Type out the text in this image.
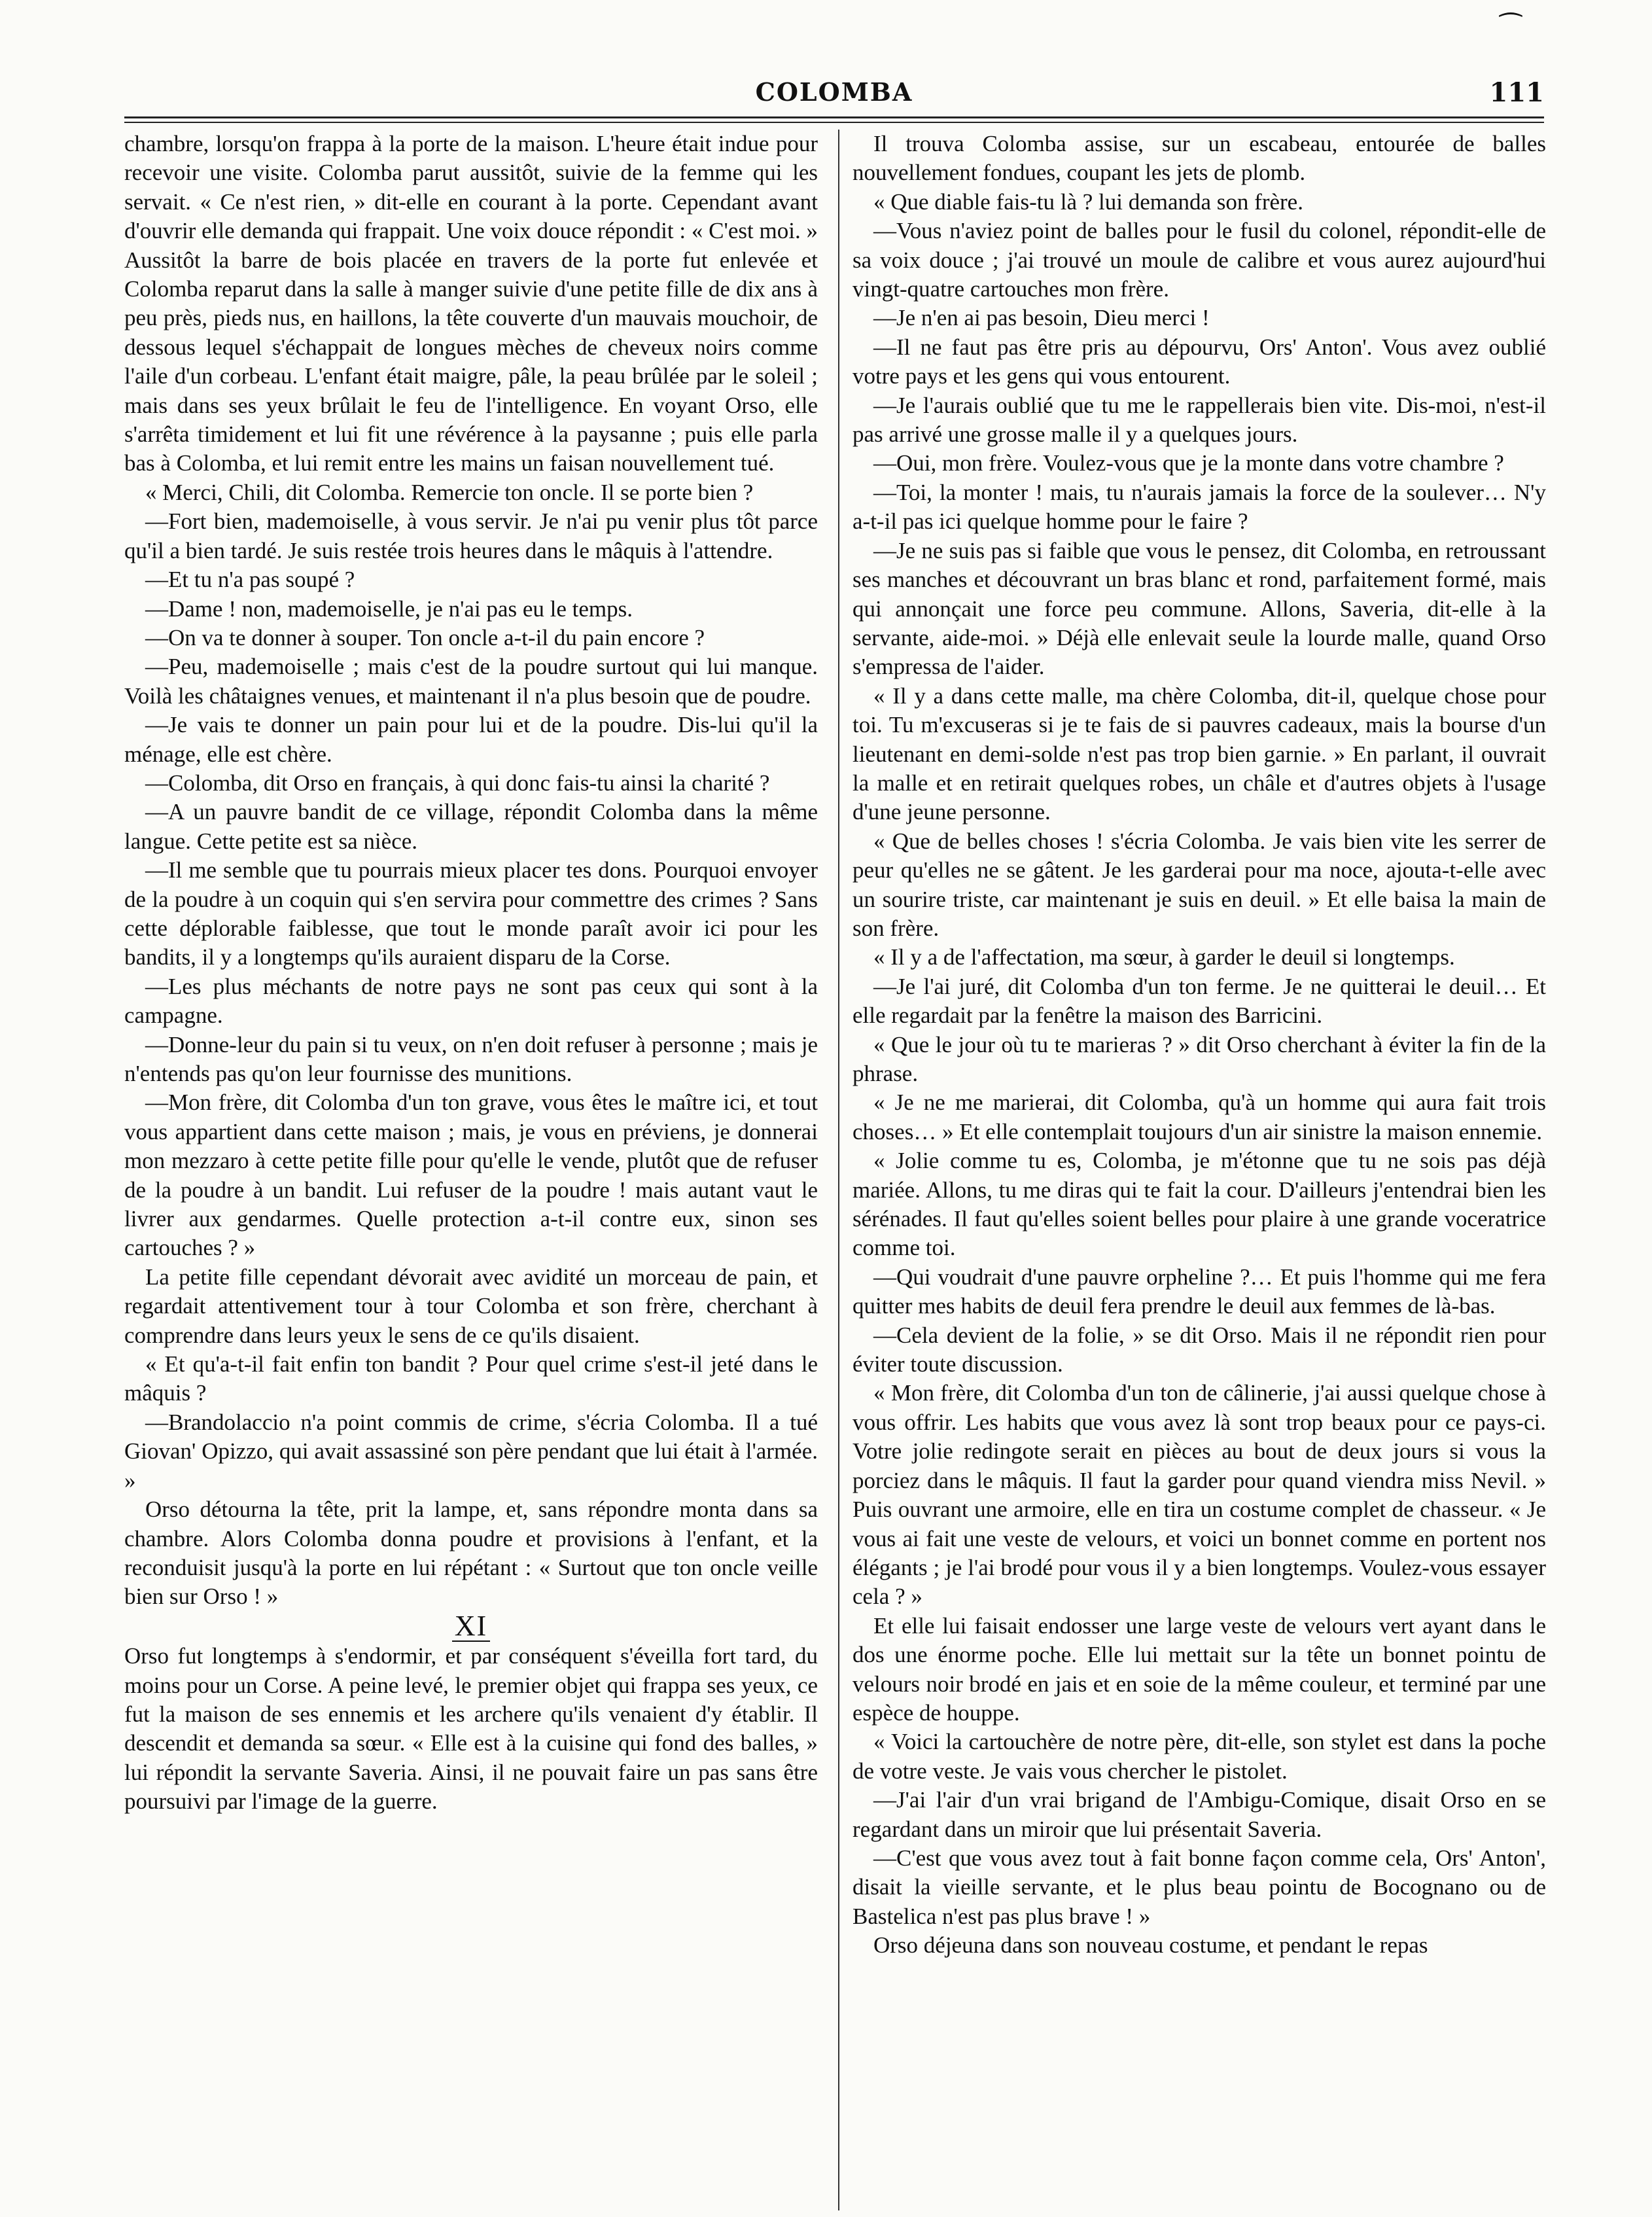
⁀
COLOMBA	111

chambre, lorsqu'on frappa à la porte de la maison. L'heure était indue pour recevoir une visite. Colomba parut aussitôt, suivie de la femme qui les servait. « Ce n'est rien, » dit-elle en courant à la porte. Cependant avant d'ouvrir elle demanda qui frappait. Une voix douce répondit : « C'est moi. » Aussitôt la barre de bois placée en travers de la porte fut enlevée et Colomba reparut dans la salle à manger suivie d'une petite fille de dix ans à peu près, pieds nus, en haillons, la tête couverte d'un mauvais mouchoir, de dessous lequel s'échappait de longues mèches de cheveux noirs comme l'aile d'un corbeau. L'enfant était maigre, pâle, la peau brûlée par le soleil ; mais dans ses yeux brûlait le feu de l'intelligence. En voyant Orso, elle s'arrêta timidement et lui fit une révérence à la paysanne ; puis elle parla bas à Colomba, et lui remit entre les mains un faisan nouvellement tué.

« Merci, Chili, dit Colomba. Remercie ton oncle. Il se porte bien ?

—Fort bien, mademoiselle, à vous servir. Je n'ai pu venir plus tôt parce qu'il a bien tardé. Je suis restée trois heures dans le mâquis à l'attendre.

—Et tu n'a pas soupé ?

—Dame ! non, mademoiselle, je n'ai pas eu le temps.

—On va te donner à souper. Ton oncle a-t-il du pain encore ?

—Peu, mademoiselle ; mais c'est de la poudre surtout qui lui manque. Voilà les châtaignes venues, et maintenant il n'a plus besoin que de poudre.

—Je vais te donner un pain pour lui et de la poudre. Dis-lui qu'il la ménage, elle est chère.

—Colomba, dit Orso en français, à qui donc fais-tu ainsi la charité ?

—A un pauvre bandit de ce village, répondit Colomba dans la même langue. Cette petite est sa nièce.

—Il me semble que tu pourrais mieux placer tes dons. Pourquoi envoyer de la poudre à un coquin qui s'en servira pour commettre des crimes ? Sans cette déplorable faiblesse, que tout le monde paraît avoir ici pour les bandits, il y a longtemps qu'ils auraient disparu de la Corse.

—Les plus méchants de notre pays ne sont pas ceux qui sont à la campagne.

—Donne-leur du pain si tu veux, on n'en doit refuser à personne ; mais je n'entends pas qu'on leur fournisse des munitions.

—Mon frère, dit Colomba d'un ton grave, vous êtes le maître ici, et tout vous appartient dans cette maison ; mais, je vous en préviens, je donnerai mon mezzaro à cette petite fille pour qu'elle le vende, plutôt que de refuser de la poudre à un bandit. Lui refuser de la poudre ! mais autant vaut le livrer aux gendarmes. Quelle protection a-t-il contre eux, sinon ses cartouches ? »

La petite fille cependant dévorait avec avidité un morceau de pain, et regardait attentivement tour à tour Colomba et son frère, cherchant à comprendre dans leurs yeux le sens de ce qu'ils disaient.

« Et qu'a-t-il fait enfin ton bandit ? Pour quel crime s'est-il jeté dans le mâquis ?

—Brandolaccio n'a point commis de crime, s'écria Colomba. Il a tué Giovan' Opizzo, qui avait assassiné son père pendant que lui était à l'armée. »

Orso détourna la tête, prit la lampe, et, sans répondre monta dans sa chambre. Alors Colomba donna poudre et provisions à l'enfant, et la reconduisit jusqu'à la porte en lui répétant : « Surtout que ton oncle veille bien sur Orso ! »

XI

Orso fut longtemps à s'endormir, et par conséquent s'éveilla fort tard, du moins pour un Corse. A peine levé, le premier objet qui frappa ses yeux, ce fut la maison de ses ennemis et les archere qu'ils venaient d'y établir. Il descendit et demanda sa sœur. « Elle est à la cuisine qui fond des balles, » lui répondit la servante Saveria. Ainsi, il ne pouvait faire un pas sans être poursuivi par l'image de la guerre.

Il trouva Colomba assise, sur un escabeau, entourée de balles nouvellement fondues, coupant les jets de plomb.

« Que diable fais-tu là ? lui demanda son frère.

—Vous n'aviez point de balles pour le fusil du colonel, répondit-elle de sa voix douce ; j'ai trouvé un moule de calibre et vous aurez aujourd'hui vingt-quatre cartouches mon frère.

—Je n'en ai pas besoin, Dieu merci !

—Il ne faut pas être pris au dépourvu, Ors' Anton'. Vous avez oublié votre pays et les gens qui vous entourent.

—Je l'aurais oublié que tu me le rappellerais bien vite. Dis-moi, n'est-il pas arrivé une grosse malle il y a quelques jours.

—Oui, mon frère. Voulez-vous que je la monte dans votre chambre ?

—Toi, la monter ! mais, tu n'aurais jamais la force de la soulever… N'y a-t-il pas ici quelque homme pour le faire ?

—Je ne suis pas si faible que vous le pensez, dit Colomba, en retroussant ses manches et découvrant un bras blanc et rond, parfaitement formé, mais qui annonçait une force peu commune. Allons, Saveria, dit-elle à la servante, aide-moi. » Déjà elle enlevait seule la lourde malle, quand Orso s'empressa de l'aider.

« Il y a dans cette malle, ma chère Colomba, dit-il, quelque chose pour toi. Tu m'excuseras si je te fais de si pauvres cadeaux, mais la bourse d'un lieutenant en demi-solde n'est pas trop bien garnie. » En parlant, il ouvrait la malle et en retirait quelques robes, un châle et d'autres objets à l'usage d'une jeune personne.

« Que de belles choses ! s'écria Colomba. Je vais bien vite les serrer de peur qu'elles ne se gâtent. Je les garderai pour ma noce, ajouta-t-elle avec un sourire triste, car maintenant je suis en deuil. » Et elle baisa la main de son frère.

« Il y a de l'affectation, ma sœur, à garder le deuil si longtemps.

—Je l'ai juré, dit Colomba d'un ton ferme. Je ne quitterai le deuil… Et elle regardait par la fenêtre la maison des Barricini.

« Que le jour où tu te marieras ? » dit Orso cherchant à éviter la fin de la phrase.

« Je ne me marierai, dit Colomba, qu'à un homme qui aura fait trois choses… » Et elle contemplait toujours d'un air sinistre la maison ennemie.

« Jolie comme tu es, Colomba, je m'étonne que tu ne sois pas déjà mariée. Allons, tu me diras qui te fait la cour. D'ailleurs j'entendrai bien les sérénades. Il faut qu'elles soient belles pour plaire à une grande voceratrice comme toi.

—Qui voudrait d'une pauvre orpheline ?… Et puis l'homme qui me fera quitter mes habits de deuil fera prendre le deuil aux femmes de là-bas.

—Cela devient de la folie, » se dit Orso. Mais il ne répondit rien pour éviter toute discussion.

« Mon frère, dit Colomba d'un ton de câlinerie, j'ai aussi quelque chose à vous offrir. Les habits que vous avez là sont trop beaux pour ce pays-ci. Votre jolie redingote serait en pièces au bout de deux jours si vous la porciez dans le mâquis. Il faut la garder pour quand viendra miss Nevil. » Puis ouvrant une armoire, elle en tira un costume complet de chasseur. « Je vous ai fait une veste de velours, et voici un bonnet comme en portent nos élégants ; je l'ai brodé pour vous il y a bien longtemps. Voulez-vous essayer cela ? »

Et elle lui faisait endosser une large veste de velours vert ayant dans le dos une énorme poche. Elle lui mettait sur la tête un bonnet pointu de velours noir brodé en jais et en soie de la même couleur, et terminé par une espèce de houppe.

« Voici la cartouchère de notre père, dit-elle, son stylet est dans la poche de votre veste. Je vais vous chercher le pistolet.

—J'ai l'air d'un vrai brigand de l'Ambigu-Comique, disait Orso en se regardant dans un miroir que lui présentait Saveria.

—C'est que vous avez tout à fait bonne façon comme cela, Ors' Anton', disait la vieille servante, et le plus beau pointu de Bocognano ou de Bastelica n'est pas plus brave ! »

Orso déjeuna dans son nouveau costume, et pendant le repas
